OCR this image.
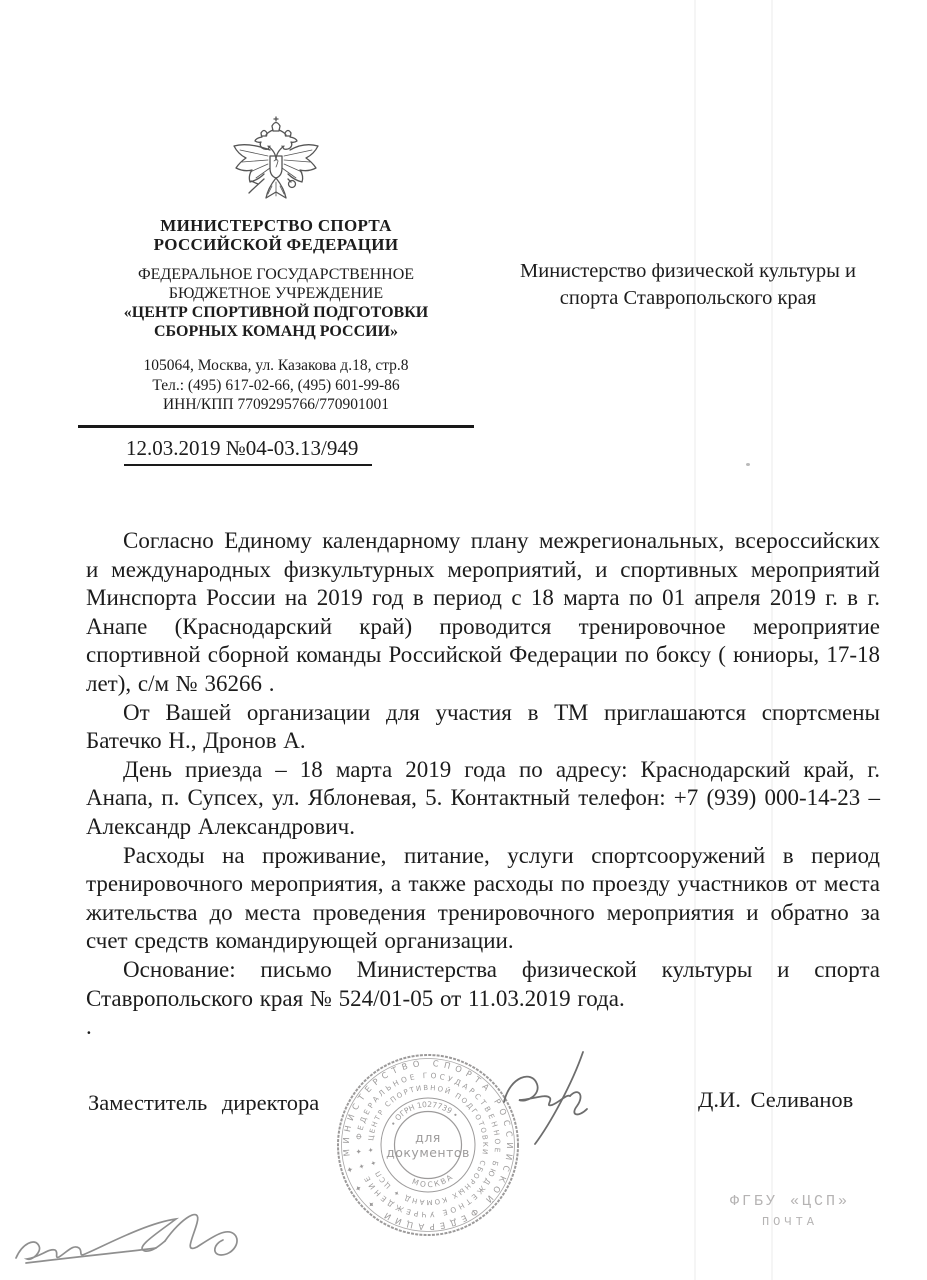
МИНИСТЕРСТВО СПОРТА
РОССИЙСКОЙ ФЕДЕРАЦИИ
ФЕДЕРАЛЬНОЕ ГОСУДАРСТВЕННОЕ
БЮДЖЕТНОЕ УЧРЕЖДЕНИЕ
«ЦЕНТР СПОРТИВНОЙ ПОДГОТОВКИ
СБОРНЫХ КОМАНД РОССИИ»
105064, Москва, ул. Казакова д.18, стр.8
Тел.: (495) 617-02-66, (495) 601-99-86
ИНН/КПП 7709295766/770901001
12.03.2019 №04-03.13/949
Министерство физической культуры и
спорта Ставропольского края

Согласно Единому календарному плану межрегиональных, всероссийских и международных физкультурных мероприятий, и спортивных мероприятий Минспорта России на 2019 год в период с 18 марта по 01 апреля 2019 г. в г. Анапе (Краснодарский край) проводится тренировочное мероприятие спортивной сборной команды Российской Федерации по боксу ( юниоры, 17-18 лет), с/м № 36266 .

От Вашей организации для участия в ТМ приглашаются спортсмены Батечко Н., Дронов А.

День приезда – 18 марта 2019 года по адресу: Краснодарский край, г. Анапа, п. Супсех, ул. Яблоневая, 5. Контактный телефон: +7 (939) 000-14-23 – Александр Александрович.

Расходы на проживание, питание, услуги спортсооружений в период тренировочного мероприятия, а также расходы по проезду участников от места жительства до места проведения тренировочного мероприятия и обратно за счет средств командирующей организации.

Основание: письмо Министерства физической культуры и спорта Ставропольского края № 524/01-05 от 11.03.2019 года.

.

Заместитель директора	Д.И. Селиванов
МИНИСТЕРСТВО СПОРТА РОССИЙСКОЙ ФЕДЕРАЦИИ ✦ ✦ ✦
✦ ФЕДЕРАЛЬНОЕ ГОСУДАРСТВЕННОЕ БЮДЖЕТНОЕ УЧРЕЖДЕНИЕ ✦
✦ ЦЕНТР СПОРТИВНОЙ ПОДГОТОВКИ СБОРНЫХ КОМАНД ✦ ЦСП ✦
• ОГРН 1027739 •
МОСКВА
для
документов
ФГБУ «ЦСП»
ПОЧТА
